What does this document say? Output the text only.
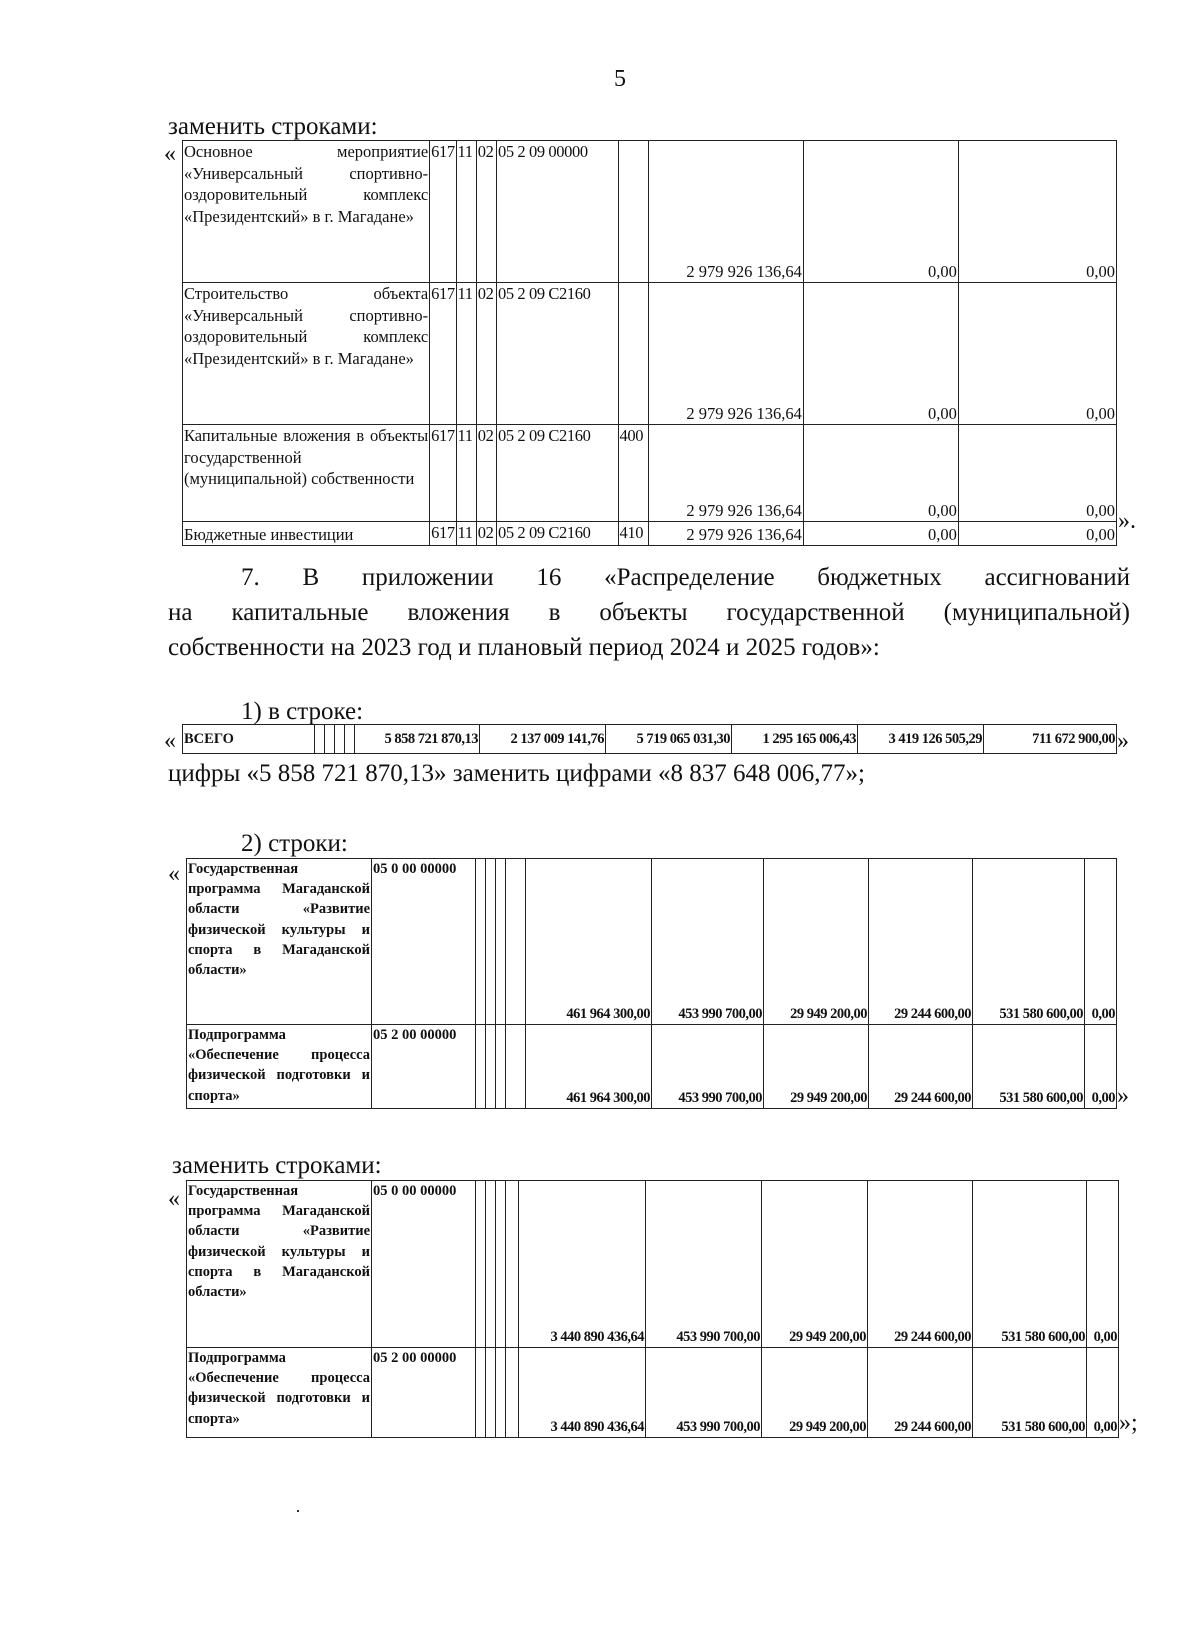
5
заменить строками:
« Основное мероприятие «Универсальный спортивно-оздоровительный комплекс «Президентский» в г. Магадане»	617	11	02	05 2 09 00000		2 979 926 136,64	0,00	0,00
Строительство объекта «Универсальный спортивно-оздоровительный комплекс «Президентский» в г. Магадане»	617	11	02	05 2 09 С2160		2 979 926 136,64	0,00	0,00
Капитальные вложения в объекты государственной (муниципальной) собственности	617	11	02	05 2 09 С2160	400	2 979 926 136,64	0,00	0,00
Бюджетные инвестиции	617	11	02	05 2 09 С2160	410	2 979 926 136,64	0,00	0,00 ».
7. В приложении 16 «Распределение бюджетных ассигнований
на капитальные вложения в объекты государственной (муниципальной)
собственности на 2023 год и плановый период 2024 и 2025 годов»:
1) в строке:
« ВСЕГО					5 858 721 870,13	2 137 009 141,76	5 719 065 031,30	1 295 165 006,43	3 419 126 505,29	711 672 900,00 »
цифры «5 858 721 870,13» заменить цифрами «8 837 648 006,77»;
2) строки:
« Государственная программа Магаданской области «Развитие физической культуры и спорта в Магаданской области»	05 0 00 00000					461 964 300,00	453 990 700,00	29 949 200,00	29 244 600,00	531 580 600,00	0,00
Подпрограмма «Обеспечение процесса физической подготовки и спорта»	05 2 00 00000					461 964 300,00	453 990 700,00	29 949 200,00	29 244 600,00	531 580 600,00	0,00 »
заменить строками:
« Государственная программа Магаданской области «Развитие физической культуры и спорта в Магаданской области»	05 0 00 00000					3 440 890 436,64	453 990 700,00	29 949 200,00	29 244 600,00	531 580 600,00	0,00
Подпрограмма «Обеспечение процесса физической подготовки и спорта»	05 2 00 00000					3 440 890 436,64	453 990 700,00	29 949 200,00	29 244 600,00	531 580 600,00	0,00 »;
